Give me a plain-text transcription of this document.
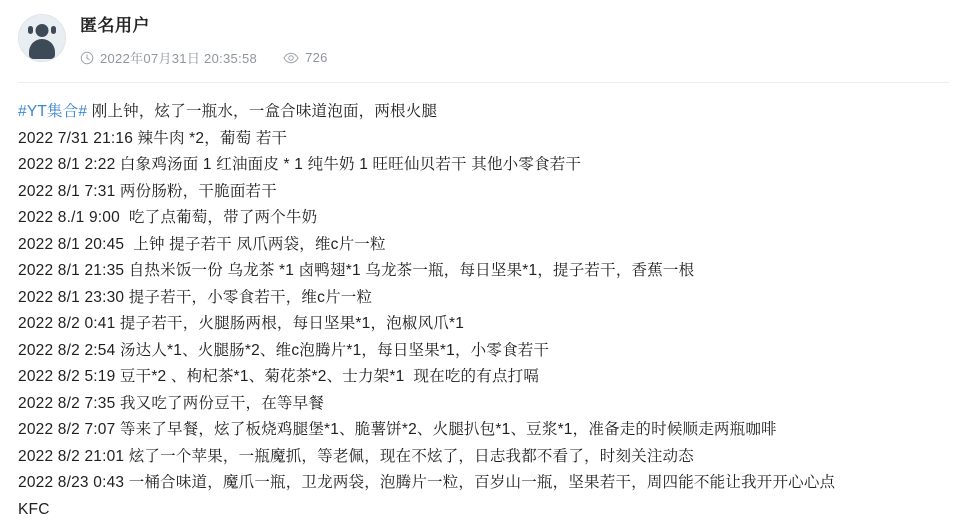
匿名用户
2022年07月31日 20:35:58	726
#YT集合# 刚上钟，炫了一瓶水，一盒合味道泡面，两根火腿
2022 7/31 21:16 辣牛肉 *2，葡萄 若干
2022 8/1 2:22 白象鸡汤面 1 红油面皮 * 1 纯牛奶 1 旺旺仙贝若干 其他小零食若干
2022 8/1 7:31 两份肠粉，干脆面若干
2022 8./1 9:00  吃了点葡萄，带了两个牛奶
2022 8/1 20:45  上钟 提子若干 凤爪两袋，维c片一粒
2022 8/1 21:35 自热米饭一份 乌龙茶 *1 卤鸭翅*1 乌龙茶一瓶，每日坚果*1，提子若干，香蕉一根
2022 8/1 23:30 提子若干，小零食若干，维c片一粒
2022 8/2 0:41 提子若干，火腿肠两根，每日坚果*1，泡椒风爪*1
2022 8/2 2:54 汤达人*1、火腿肠*2、维c泡腾片*1，每日坚果*1，小零食若干
2022 8/2 5:19 豆干*2 、枸杞茶*1、菊花茶*2、士力架*1  现在吃的有点打嗝
2022 8/2 7:35 我又吃了两份豆干，在等早餐
2022 8/2 7:07 等来了早餐，炫了板烧鸡腿堡*1、脆薯饼*2、火腿扒包*1、豆浆*1，准备走的时候顺走两瓶咖啡
2022 8/2 21:01 炫了一个苹果，一瓶魔抓，等老佩，现在不炫了，日志我都不看了，时刻关注动态
2022 8/23 0:43 一桶合味道，魔爪一瓶，卫龙两袋，泡腾片一粒，百岁山一瓶，坚果若干，周四能不能让我开开心心点
KFC
